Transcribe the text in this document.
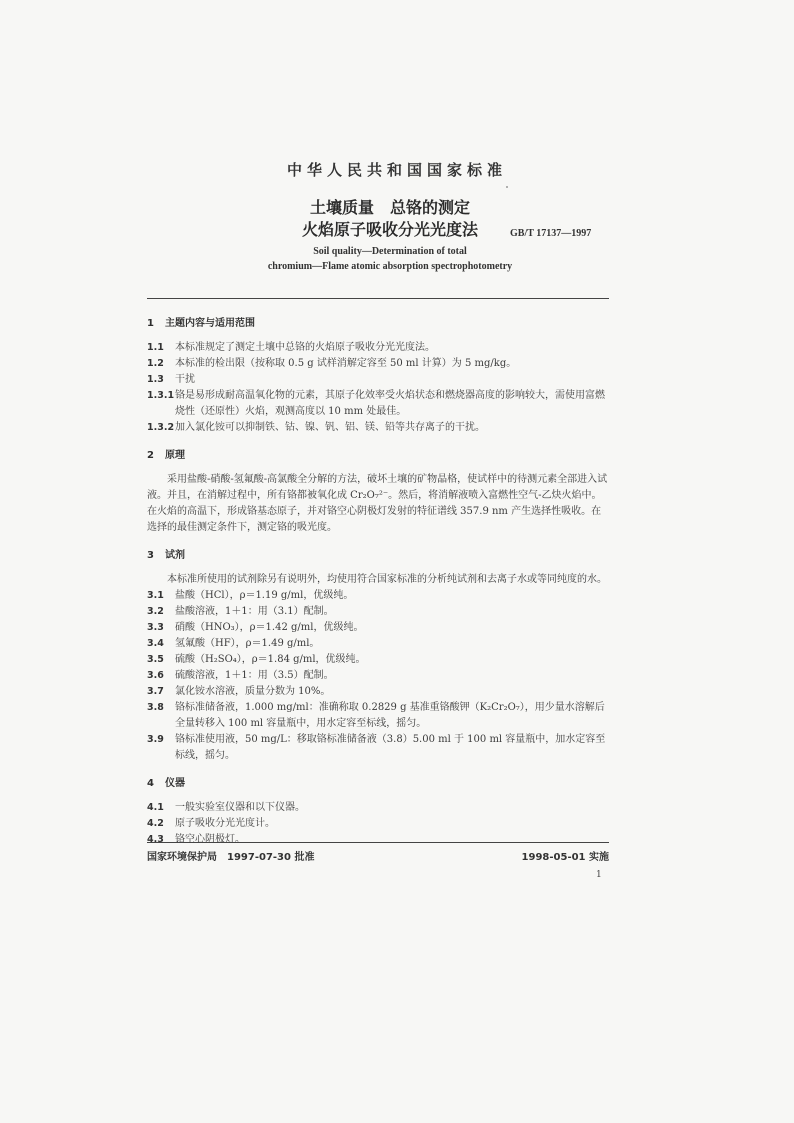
中华人民共和国国家标准
土壤质量　总铬的测定
火焰原子吸收分光光度法	GB/T 17137—1997
Soil quality—Determination of total
chromium—Flame atomic absorption spectrophotometry
1 主题内容与适用范围
1.1	本标准规定了测定土壤中总铬的火焰原子吸收分光光度法。
1.2	本标准的检出限（按称取 0.5 g 试样消解定容至 50 ml 计算）为 5 mg/kg。
1.3	干扰
1.3.1 铬是易形成耐高温氧化物的元素，其原子化效率受火焰状态和燃烧器高度的影响较大，需使用富燃烧性（还原性）火焰，观测高度以 10 mm 处最佳。
1.3.2 加入氯化铵可以抑制铁、钴、镍、钒、铝、镁、铅等共存离子的干扰。
2 原理

采用盐酸-硝酸-氢氟酸-高氯酸全分解的方法，破坏土壤的矿物晶格，使试样中的待测元素全部进入试液。并且，在消解过程中，所有铬都被氧化成 Cr₂O₇²⁻。然后，将消解液喷入富燃性空气-乙炔火焰中。在火焰的高温下，形成铬基态原子，并对铬空心阴极灯发射的特征谱线 357.9 nm 产生选择性吸收。在选择的最佳测定条件下，测定铬的吸光度。

3 试剂

本标准所使用的试剂除另有说明外，均使用符合国家标准的分析纯试剂和去离子水或等同纯度的水。

3.1	盐酸（HCl），ρ＝1.19 g/ml，优级纯。
3.2	盐酸溶液，1＋1：用（3.1）配制。
3.3	硝酸（HNO₃），ρ＝1.42 g/ml，优级纯。
3.4	氢氟酸（HF），ρ＝1.49 g/ml。
3.5	硫酸（H₂SO₄），ρ＝1.84 g/ml，优级纯。
3.6	硫酸溶液，1＋1：用（3.5）配制。
3.7	氯化铵水溶液，质量分数为 10%。
3.8	铬标准储备液，1.000 mg/ml：准确称取 0.2829 g 基准重铬酸钾（K₂Cr₂O₇），用少量水溶解后全量转移入 100 ml 容量瓶中，用水定容至标线，摇匀。
3.9	铬标准使用液，50 mg/L：移取铬标准储备液（3.8）5.00 ml 于 100 ml 容量瓶中，加水定容至标线，摇匀。
4 仪器
4.1	一般实验室仪器和以下仪器。
4.2	原子吸收分光光度计。
4.3	铬空心阴极灯。
国家环境保护局　1997-07-30 批准	1998-05-01 实施
1
